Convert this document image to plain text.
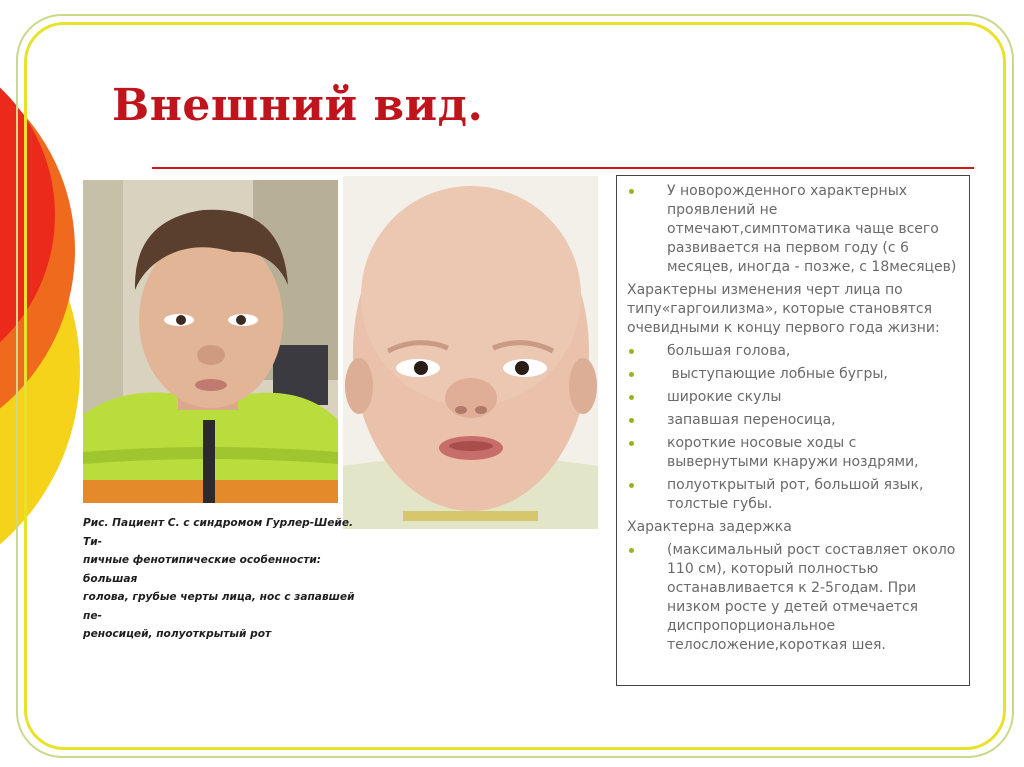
Внешний вид.

Рис. Пациент С. с синдромом Гурлер-Шейе. Ти-

пичные фенотипические особенности: большая

голова, грубые черты лица, нос с запавшей пе-

реносицей, полуоткрытый рот

У новорожденного характерных проявлений не отмечают,симптоматика чаще всего развивается на первом году (с 6 месяцев, иногда - позже, с 18месяцев)

Характерны изменения черт лица по типу«гаргоилизма», которые становятся очевидными к концу первого года жизни:

большая голова,
выступающие лобные бугры,
широкие скулы
запавшая переносица,
короткие носовые ходы с вывернутыми кнаружи ноздрями,
полуоткрытый рот, большой язык, толстые губы.

Характерна задержка

(максимальный рост составляет около 110 см), который полностью останавливается к 2-5годам. При низком росте у детей отмечается диспропорциональное телосложение,короткая шея.
